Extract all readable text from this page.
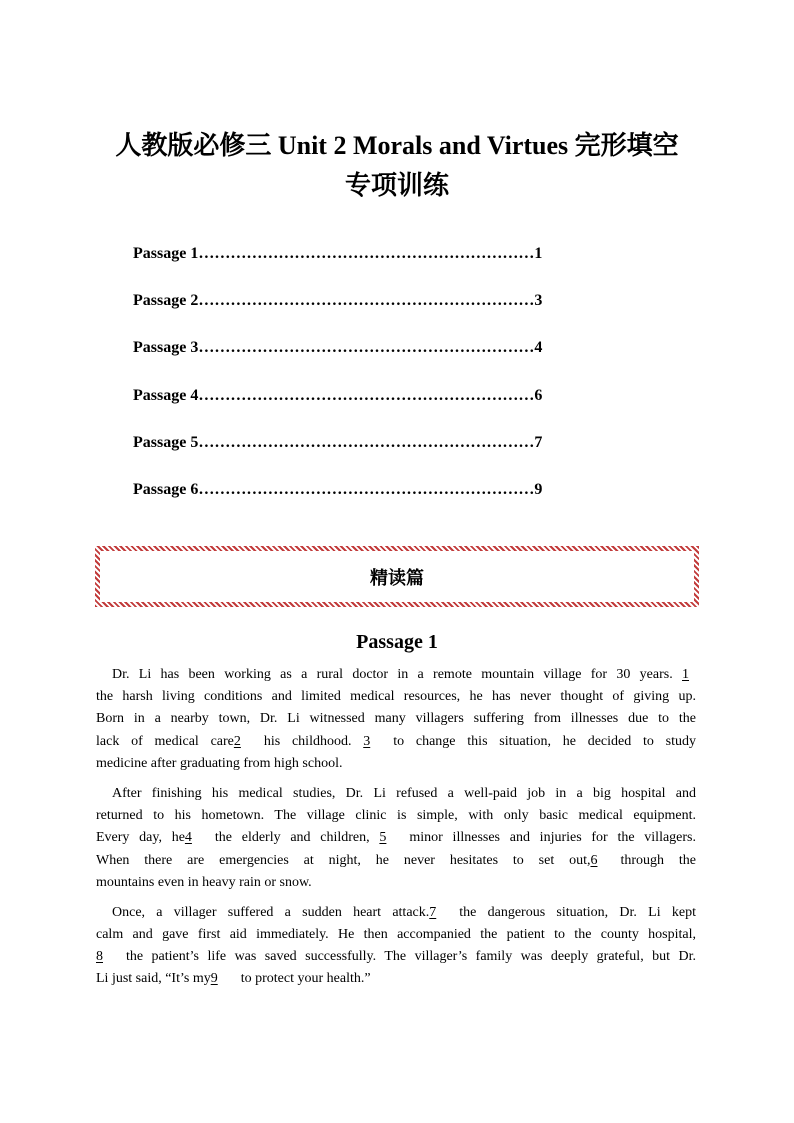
人教版必修三 Unit 2 Morals and Virtues 完形填空
专项训练
Passage 1………………………………………………………1
Passage 2………………………………………………………3
Passage 3………………………………………………………4
Passage 4………………………………………………………6
Passage 5………………………………………………………7
Passage 6………………………………………………………9
精读篇
Passage 1
Dr. Li has been working as a rural doctor in a remote mountain village for 30 years. 1
the harsh living conditions and limited medical resources, he has never thought of giving up.
Born in a nearby town, Dr. Li witnessed many villagers suffering from illnesses due to the
lack of medical care2 his childhood. 3 to change this situation, he decided to study
medicine after graduating from high school.
After finishing his medical studies, Dr. Li refused a well-paid job in a big hospital and
returned to his hometown. The village clinic is simple, with only basic medical equipment.
Every day, he4 the elderly and children, 5 minor illnesses and injuries for the villagers.
When there are emergencies at night, he never hesitates to set out,6 through the
mountains even in heavy rain or snow.
Once, a villager suffered a sudden heart attack.7 the dangerous situation, Dr. Li kept
calm and gave first aid immediately. He then accompanied the patient to the county hospital,
8 the patient’s life was saved successfully. The villager’s family was deeply grateful, but Dr.
Li just said, “It’s my9 to protect your health.”
